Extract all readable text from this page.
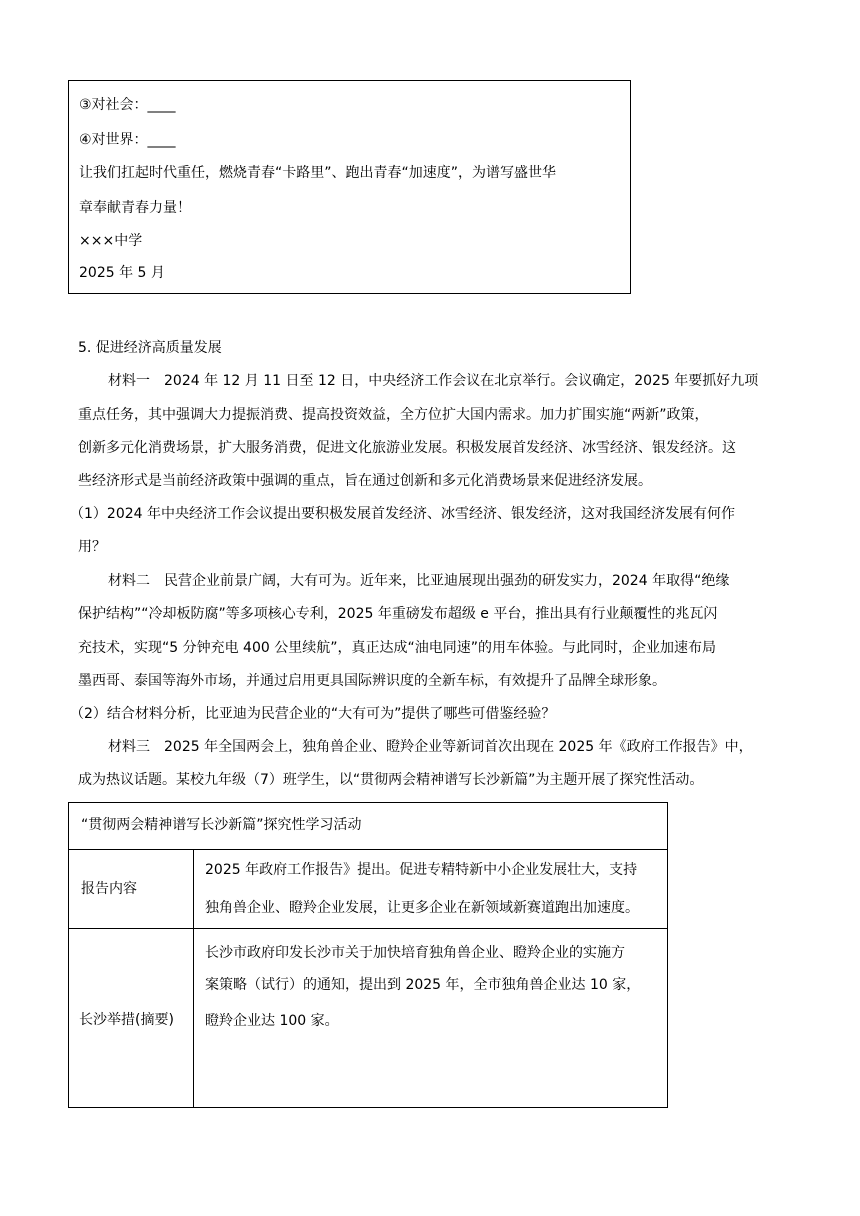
③对社会：____
④对世界：____
让我们扛起时代重任，燃烧青春“卡路里”、跑出青春“加速度”，为谱写盛世华
章奉献青春力量！
×××中学
2025 年 5 月
5. 促进经济高质量发展
材料一　2024 年 12 月 11 日至 12 日，中央经济工作会议在北京举行。会议确定，2025 年要抓好九项
重点任务，其中强调大力提振消费、提高投资效益，全方位扩大国内需求。加力扩围实施“两新”政策，
创新多元化消费场景，扩大服务消费，促进文化旅游业发展。积极发展首发经济、冰雪经济、银发经济。这
些经济形式是当前经济政策中强调的重点，旨在通过创新和多元化消费场景来促进经济发展。
（1）2024 年中央经济工作会议提出要积极发展首发经济、冰雪经济、银发经济，这对我国经济发展有何作
用？
材料二　民营企业前景广阔，大有可为。近年来，比亚迪展现出强劲的研发实力，2024 年取得“绝缘
保护结构”“冷却板防腐”等多项核心专利，2025 年重磅发布超级 e 平台，推出具有行业颠覆性的兆瓦闪
充技术，实现“5 分钟充电 400 公里续航”，真正达成“油电同速”的用车体验。与此同时，企业加速布局
墨西哥、泰国等海外市场，并通过启用更具国际辨识度的全新车标，有效提升了品牌全球形象。
（2）结合材料分析，比亚迪为民营企业的“大有可为”提供了哪些可借鉴经验？
材料三　2025 年全国两会上，独角兽企业、瞪羚企业等新词首次出现在 2025 年《政府工作报告》中，
成为热议话题。某校九年级（7）班学生，以“贯彻两会精神谱写长沙新篇”为主题开展了探究性活动。
“贯彻两会精神谱写长沙新篇”探究性学习活动
报告内容
2025 年政府工作报告》提出。促进专精特新中小企业发展壮大，支持
独角兽企业、瞪羚企业发展，让更多企业在新领域新赛道跑出加速度。
长沙举措(摘要)
长沙市政府印发长沙市关于加快培育独角兽企业、瞪羚企业的实施方
案策略（试行）的通知，提出到 2025 年，全市独角兽企业达 10 家，
瞪羚企业达 100 家。
